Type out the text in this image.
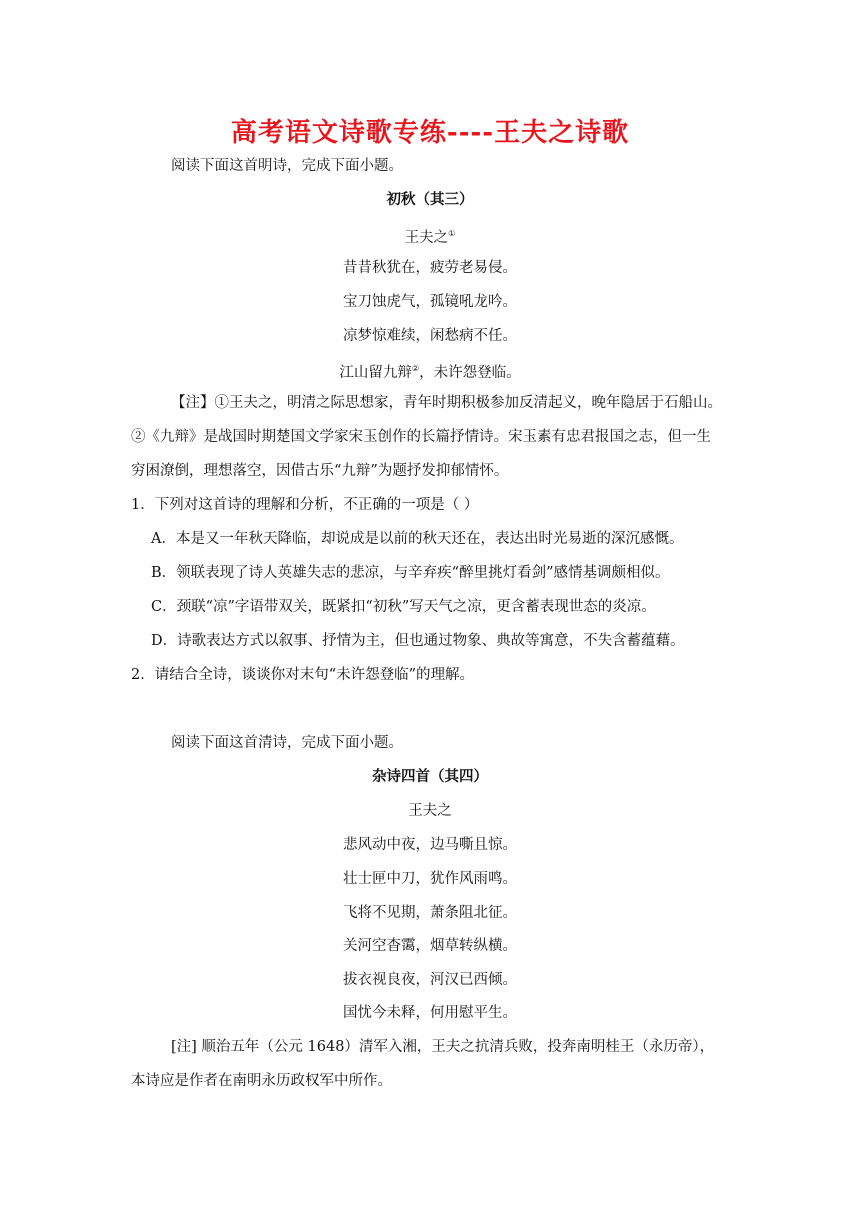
高考语文诗歌专练----王夫之诗歌
阅读下面这首明诗，完成下面小题。
初秋（其三）
王夫之①
昔昔秋犹在，疲劳老易侵。
宝刀蚀虎气，孤镜吼龙吟。
凉梦惊难续，闲愁病不任。
江山留九辩②，未许怨登临。
【注】①王夫之，明清之际思想家，青年时期积极参加反清起义，晚年隐居于石船山。
②《九辩》是战国时期楚国文学家宋玉创作的长篇抒情诗。宋玉素有忠君报国之志，但一生
穷困潦倒，理想落空，因借古乐“九辩”为题抒发抑郁情怀。
1．下列对这首诗的理解和分析，不正确的一项是（ ）
A．本是又一年秋天降临，却说成是以前的秋天还在，表达出时光易逝的深沉感慨。
B．领联表现了诗人英雄失志的悲凉，与辛弃疾“醉里挑灯看剑”感情基调颇相似。
C．颈联“凉”字语带双关，既紧扣“初秋”写天气之凉，更含蓄表现世态的炎凉。
D．诗歌表达方式以叙事、抒情为主，但也通过物象、典故等寓意，不失含蓄蕴藉。
2．请结合全诗，谈谈你对末句“未许怨登临”的理解。
阅读下面这首清诗，完成下面小题。
杂诗四首（其四）
王夫之
悲风动中夜，边马嘶且惊。
壮士匣中刀，犹作风雨鸣。
飞将不见期，萧条阻北征。
关河空杳霭，烟草转纵横。
拔衣视良夜，河汉已西倾。
国忧今未释，何用慰平生。
[注] 顺治五年（公元 1648）清军入湘，王夫之抗清兵败，投奔南明桂王（永历帝），
本诗应是作者在南明永历政权军中所作。
